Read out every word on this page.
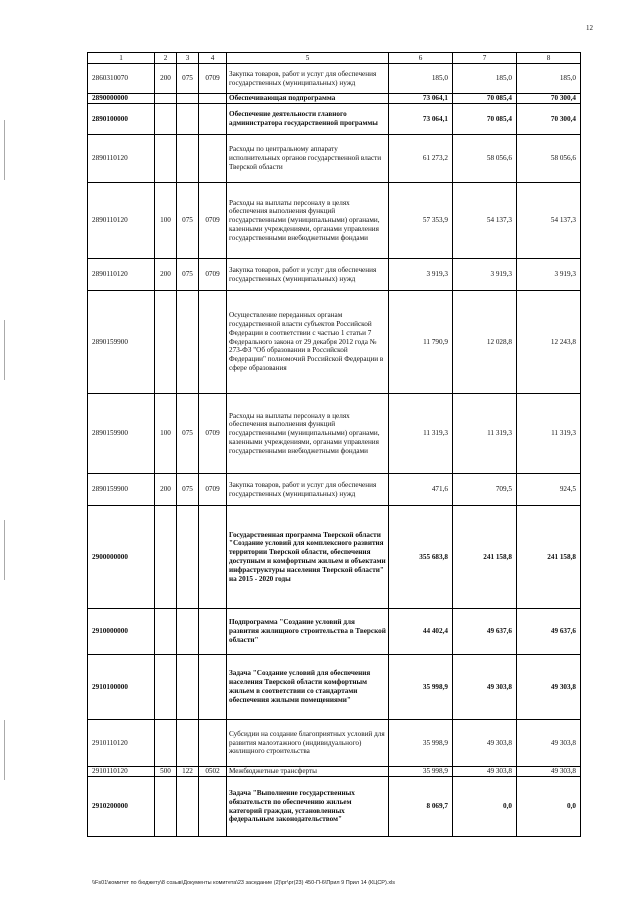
12
1	2	3	4	5	6	7	8
2860310070	200	075	0709	Закупка товаров, работ и услуг для обеспечения государственных (муниципальных) нужд	185,0	185,0	185,0
2890000000				Обеспечивающая подпрограмма	73 064,1	70 085,4	70 300,4
2890100000				Обеспечение деятельности главного администратора государственной программы	73 064,1	70 085,4	70 300,4
2890110120				Расходы по центральному аппарату исполнительных органов государственной власти Тверской области	61 273,2	58 056,6	58 056,6
2890110120	100	075	0709	Расходы на выплаты персоналу в целях обеспечения выполнения функций государственными (муниципальными) органами, казенными учреждениями, органами управления государственными внебюджетными фондами	57 353,9	54 137,3	54 137,3
2890110120	200	075	0709	Закупка товаров, работ и услуг для обеспечения государственных (муниципальных) нужд	3 919,3	3 919,3	3 919,3
2890159900				Осуществление переданных органам государственной власти субъектов Российской Федерации в соответствии с частью 1 статьи 7 Федерального закона от 29 декабря 2012 года № 273-ФЗ "Об образовании в Российской Федерации" полномочий Российской Федерации в сфере образования	11 790,9	12 028,8	12 243,8
2890159900	100	075	0709	Расходы на выплаты персоналу в целях обеспечения выполнения функций государственными (муниципальными) органами, казенными учреждениями, органами управления государственными внебюджетными фондами	11 319,3	11 319,3	11 319,3
2890159900	200	075	0709	Закупка товаров, работ и услуг для обеспечения государственных (муниципальных) нужд	471,6	709,5	924,5
2900000000				Государственная программа Тверской области "Создание условий для комплексного развития территории Тверской области, обеспечения доступным и комфортным жильем и объектами инфраструктуры населения Тверской области" на 2015 - 2020 годы	355 683,8	241 158,8	241 158,8
2910000000				Подпрограмма "Создание условий для развития жилищного строительства в Тверской области"	44 402,4	49 637,6	49 637,6
2910100000				Задача "Создание условий для обеспечения населения Тверской области комфортным жильем в соответствии со стандартами обеспечения жилыми помещениями"	35 998,9	49 303,8	49 303,8
2910110120				Субсидии на создание благоприятных условий для развития малоэтажного (индивидуального) жилищного строительства	35 998,9	49 303,8	49 303,8
2910110120	500	122	0502	Межбюджетные трансферты	35 998,9	49 303,8	49 303,8
2910200000				Задача "Выполнение государственных обязательств по обеспечению жильем категорий граждан, установленных федеральным законодательством"	8 069,7	0,0	0,0
\\Fs01\комитет по бюджету\8 созыв\Документы комитета\23 заседание (2)\рг\рг(23) 450-П-6\Прил 9 Прил 14 (КЦСР).xls
